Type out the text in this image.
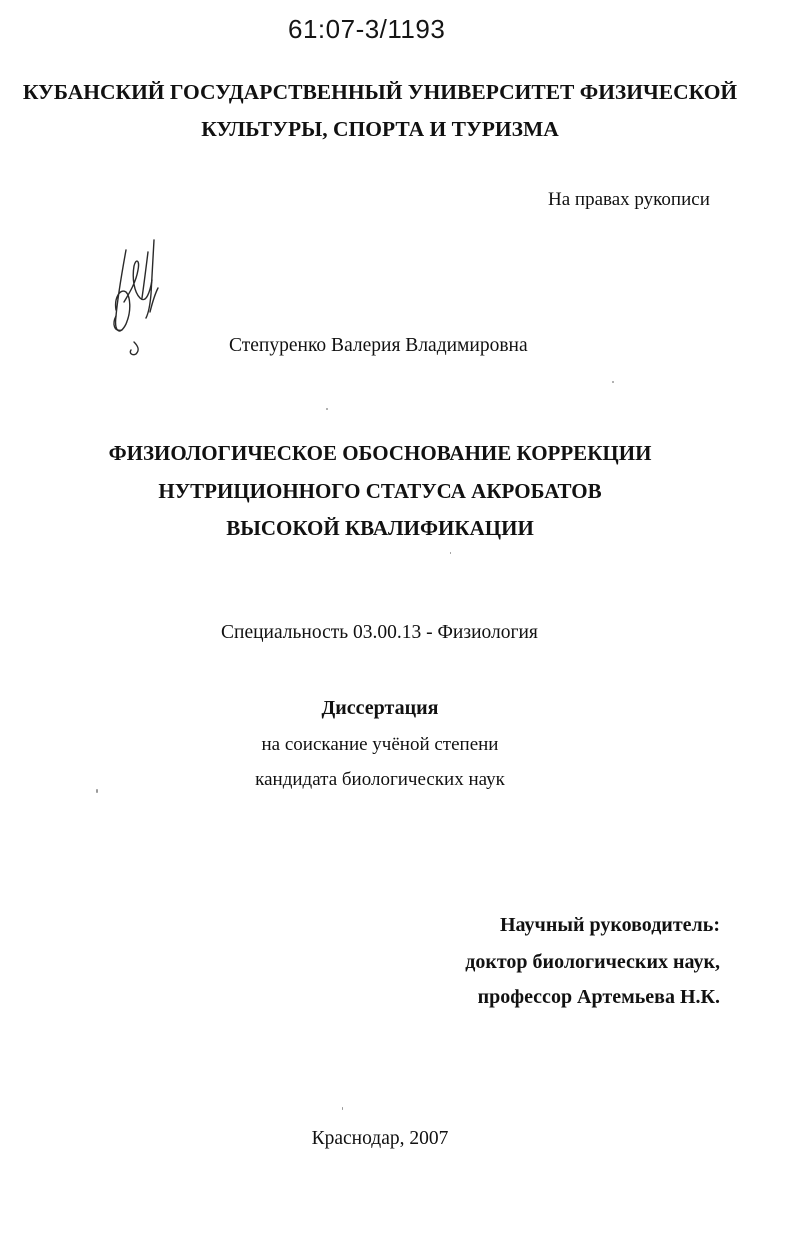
61:07-3/1193
КУБАНСКИЙ ГОСУДАРСТВЕННЫЙ УНИВЕРСИТЕТ ФИЗИЧЕСКОЙ
КУЛЬТУРЫ, СПОРТА И ТУРИЗМА
На правах рукописи
Степуренко Валерия Владимировна
ФИЗИОЛОГИЧЕСКОЕ ОБОСНОВАНИЕ КОРРЕКЦИИ
НУТРИЦИОННОГО СТАТУСА АКРОБАТОВ
ВЫСОКОЙ КВАЛИФИКАЦИИ
Специальность 03.00.13 - Физиология
Диссертация
на соискание учёной степени
кандидата биологических наук
Научный руководитель:
доктор биологических наук,
профессор Артемьева Н.К.
Краснодар, 2007
